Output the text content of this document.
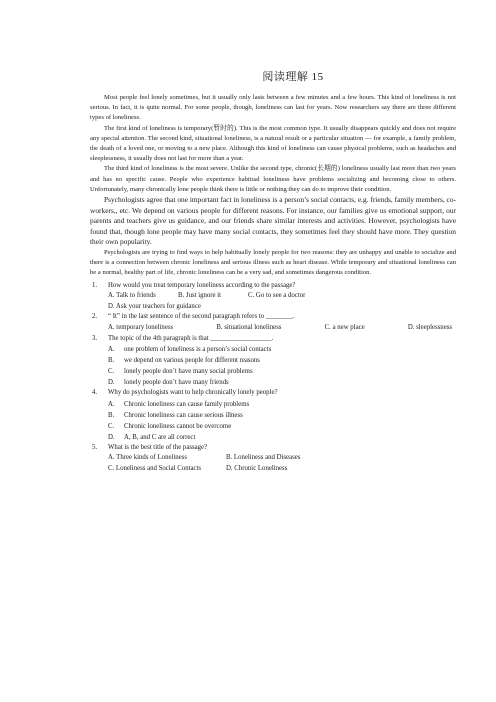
阅读理解 15

Most people feel lonely sometimes, but it usually only lasts between a few minutes and a few hours. This kind of loneliness is not serious. In fact, it is quite normal. For some people, though, loneliness can last for years. Now researchers say there are three different types of loneliness.

The first kind of loneliness is temporary(暂时的). This is the most common type. It usually disappears quickly and does not require any special attention. The second kind, situational loneliness, is a natural result or a particular situation — for example, a family problem, the death of a loved one, or moving to a new place. Although this kind of loneliness can cause physical problems, such as headaches and sleeplessness, it usually does not last for more than a year.

The third kind of loneliness is the most severe. Unlike the second type, chronic(长期的) loneliness usually last more than two years and has no specific cause. People who experience habitual loneliness have problems socializing and becoming close to others. Unfortunately, many chronically lone people think there is little or nothing they can do to improve their condition.

Psychologists agree that one important fact in loneliness is a person’s social contacts, e.g. friends, family members, co-workers,, etc. We depend on various people for different reasons. For instance, our families give us emotional support, our parents and teachers give us guidance, and our friends share similar interests and activities. However, psychologists have found that, though lone people may have many social contacts, they sometimes feel they should have more. They question their own popularity.

Psychologists are trying to find ways to help habitually lonely people for two reasons: they are unhappy and unable to socialize and there is a connection between chronic loneliness and serious illness such as heart disease. While temporary and situational loneliness can be a normal, healthy part of life, chronic loneliness can be a very sad, and sometimes dangerous condition.

1. How would you treat temporary loneliness according to the passage?

A. Talk to friends	B. Just ignore it	C. Go to see a doctor
D. Ask your teachers for guidance

2. “ It” in the last sentence of the second paragraph refers to ________.

A. temporary loneliness	B. situational loneliness	C. a new place	D. sleeplessness

3. The topic of the 4th paragraph is that __________________.

A. one problem of loneliness is a person’s social contacts
B. we depend on various people for different reasons
C. lonely people don’t have many social problems
D. lonely people don’t have many friends

4. Why do psychologists want to help chronically lonely people?

A. Chronic loneliness can cause family problems
B. Chronic loneliness can cause serious illness
C. Chronic loneliness cannot be overcome
D. A, B, and C are all correct

5. What is the best title of the passage?

A. Three kinds of Loneliness	B. Loneliness and Diseases
C. Loneliness and Social Contacts	D. Chronic Loneliness
